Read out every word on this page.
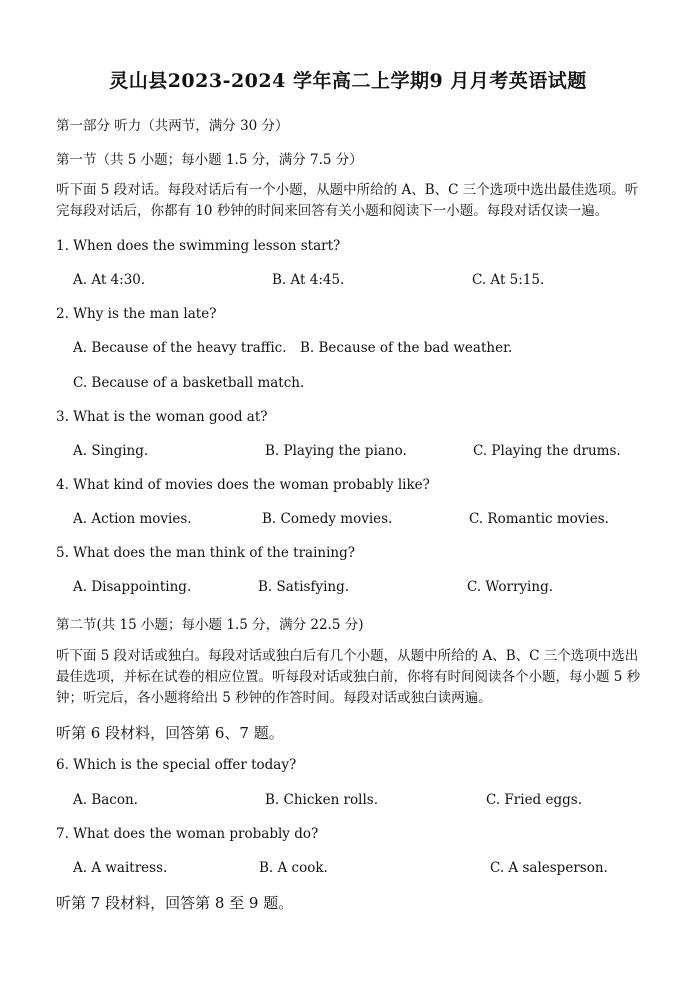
灵山县2023-2024 学年高二上学期9 月月考英语试题
第一部分 听力（共两节，满分 30 分）
第一节（共 5 小题；每小题 1.5 分，满分 7.5 分）
听下面 5 段对话。每段对话后有一个小题，从题中所给的 A、B、C 三个选项中选出最佳选项。听完每段对话后，你都有 10 秒钟的时间来回答有关小题和阅读下一小题。每段对话仅读一遍。
1. When does the swimming lesson start?
A. At 4:30.	B. At 4:45.	C. At 5:15.
2. Why is the man late?
A. Because of the heavy traffic. B. Because of the bad weather.
C. Because of a basketball match.
3. What is the woman good at?
A. Singing.	B. Playing the piano.	C. Playing the drums.
4. What kind of movies does the woman probably like?
A. Action movies.	B. Comedy movies.	C. Romantic movies.
5. What does the man think of the training?
A. Disappointing.	B. Satisfying.	C. Worrying.
第二节(共 15 小题；每小题 1.5 分，满分 22.5 分)
听下面 5 段对话或独白。每段对话或独白后有几个小题，从题中所给的 A、B、C 三个选项中选出最佳选项，并标在试卷的相应位置。听每段对话或独白前，你将有时间阅读各个小题，每小题 5 秒钟；听完后，各小题将给出 5 秒钟的作答时间。每段对话或独白读两遍。
听第 6 段材料，回答第 6、7 题。
6. Which is the special offer today?
A. Bacon.	B. Chicken rolls.	C. Fried eggs.
7. What does the woman probably do?
A. A waitress.	B. A cook.	C. A salesperson.
听第 7 段材料，回答第 8 至 9 题。
